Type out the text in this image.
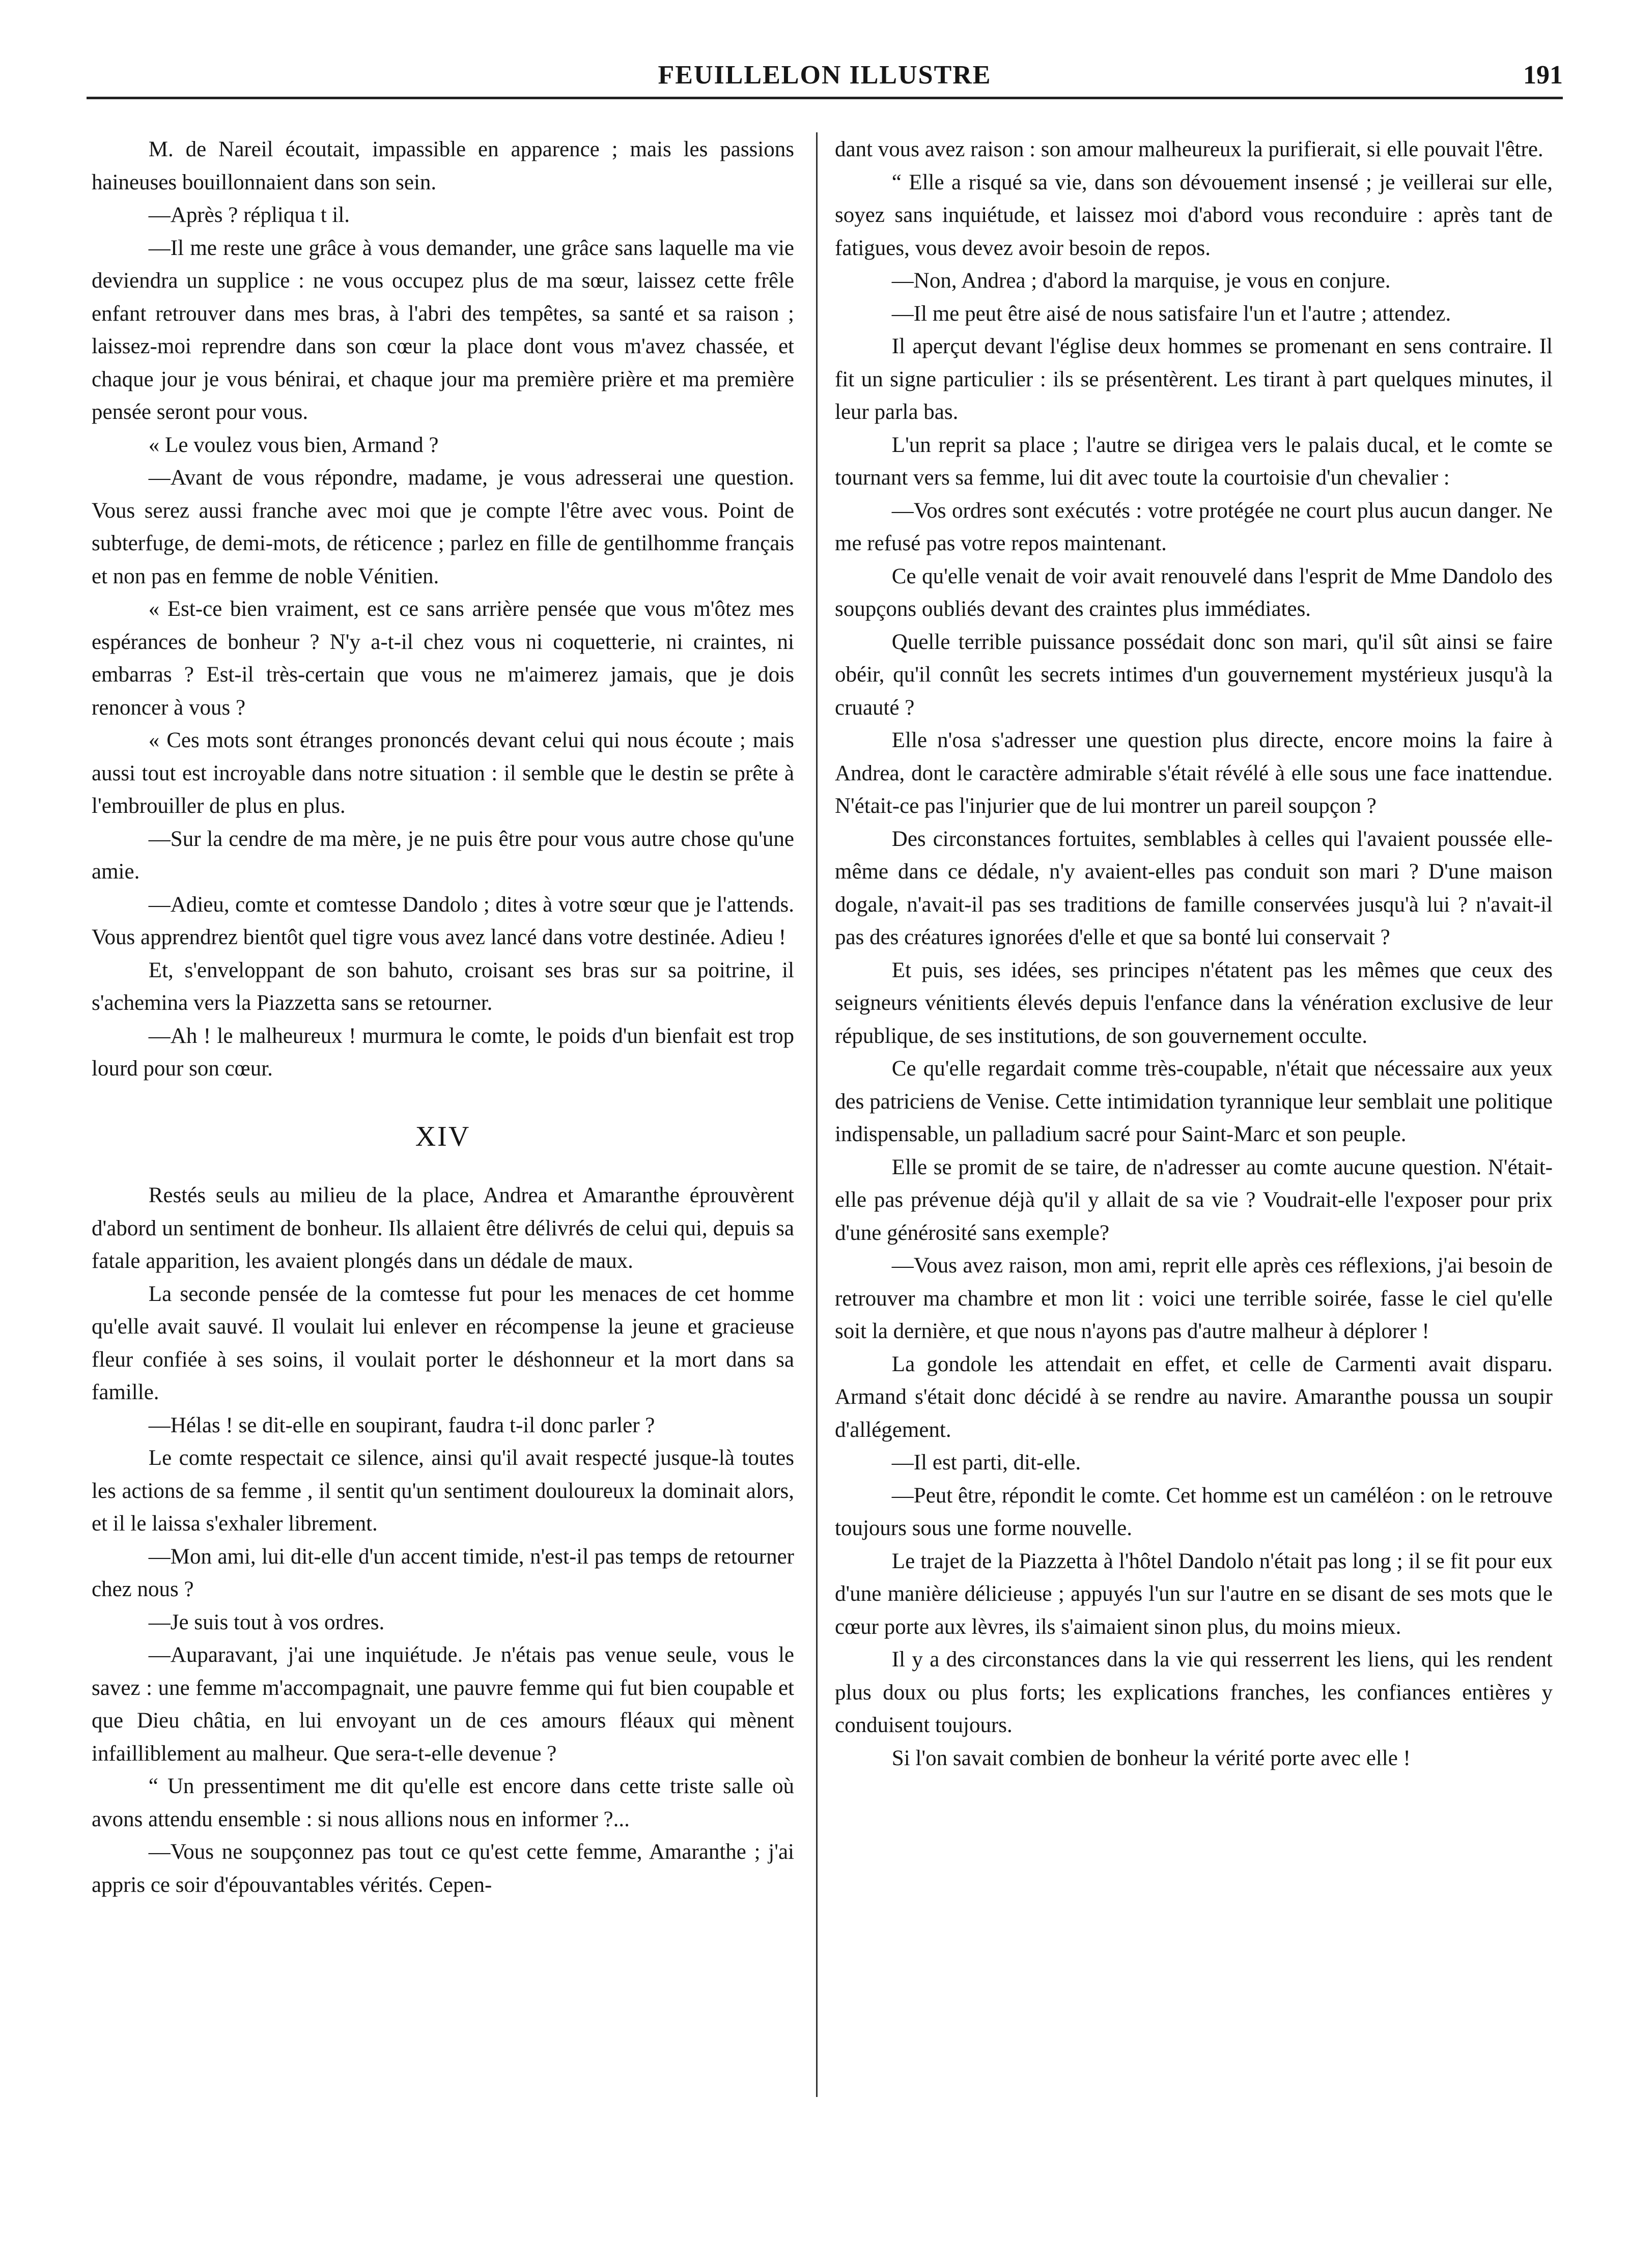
FEUILLELON ILLUSTRE	191

M. de Nareil écoutait, impassible en apparence ; mais les passions haineuses bouillonnaient dans son sein.

—Après ? répliqua t il.

—Il me reste une grâce à vous demander, une grâce sans laquelle ma vie deviendra un supplice : ne vous occupez plus de ma sœur, laissez cette frêle enfant retrouver dans mes bras, à l'abri des tempêtes, sa santé et sa raison ; laissez-moi reprendre dans son cœur la place dont vous m'avez chassée, et chaque jour je vous bénirai, et chaque jour ma première prière et ma première pensée seront pour vous.

« Le voulez vous bien, Armand ?

—Avant de vous répondre, madame, je vous adresserai une question. Vous serez aussi franche avec moi que je compte l'être avec vous. Point de subterfuge, de demi-mots, de réticence ; parlez en fille de gentilhomme français et non pas en femme de noble Vénitien.

« Est-ce bien vraiment, est ce sans arrière pensée que vous m'ôtez mes espérances de bonheur ? N'y a-t-il chez vous ni coquetterie, ni craintes, ni embarras ? Est-il très-certain que vous ne m'aimerez jamais, que je dois renoncer à vous ?

« Ces mots sont étranges prononcés devant celui qui nous écoute ; mais aussi tout est incroyable dans notre situation : il semble que le destin se prête à l'embrouiller de plus en plus.

—Sur la cendre de ma mère, je ne puis être pour vous autre chose qu'une amie.

—Adieu, comte et comtesse Dandolo ; dites à votre sœur que je l'attends. Vous apprendrez bientôt quel tigre vous avez lancé dans votre destinée. Adieu !

Et, s'enveloppant de son bahuto, croisant ses bras sur sa poitrine, il s'achemina vers la Piazzetta sans se retourner.

—Ah ! le malheureux ! murmura le comte, le poids d'un bienfait est trop lourd pour son cœur.

XIV

Restés seuls au milieu de la place, Andrea et Amaranthe éprouvèrent d'abord un sentiment de bonheur. Ils allaient être délivrés de celui qui, depuis sa fatale apparition, les avaient plongés dans un dédale de maux.

La seconde pensée de la comtesse fut pour les menaces de cet homme qu'elle avait sauvé. Il voulait lui enlever en récompense la jeune et gracieuse fleur confiée à ses soins, il voulait porter le déshonneur et la mort dans sa famille.

—Hélas ! se dit-elle en soupirant, faudra t-il donc parler ?

Le comte respectait ce silence, ainsi qu'il avait respecté jusque-là toutes les actions de sa femme , il sentit qu'un sentiment douloureux la dominait alors, et il le laissa s'exhaler librement.

—Mon ami, lui dit-elle d'un accent timide, n'est-il pas temps de retourner chez nous ?

—Je suis tout à vos ordres.

—Auparavant, j'ai une inquiétude. Je n'étais pas venue seule, vous le savez : une femme m'accompagnait, une pauvre femme qui fut bien coupable et que Dieu châtia, en lui envoyant un de ces amours fléaux qui mènent infailliblement au malheur. Que sera-t-elle devenue ?

“ Un pressentiment me dit qu'elle est encore dans cette triste salle où avons attendu ensemble : si nous allions nous en informer ?...

—Vous ne soupçonnez pas tout ce qu'est cette femme, Amaranthe ; j'ai appris ce soir d'épouvantables vérités. Cepen-

dant vous avez raison : son amour malheureux la purifierait, si elle pouvait l'être.

“ Elle a risqué sa vie, dans son dévouement insensé ; je veillerai sur elle, soyez sans inquiétude, et laissez moi d'abord vous reconduire : après tant de fatigues, vous devez avoir besoin de repos.

—Non, Andrea ; d'abord la marquise, je vous en conjure.

—Il me peut être aisé de nous satisfaire l'un et l'autre ; attendez.

Il aperçut devant l'église deux hommes se promenant en sens contraire. Il fit un signe particulier : ils se présentèrent. Les tirant à part quelques minutes, il leur parla bas.

L'un reprit sa place ; l'autre se dirigea vers le palais ducal, et le comte se tournant vers sa femme, lui dit avec toute la courtoisie d'un chevalier :

—Vos ordres sont exécutés : votre protégée ne court plus aucun danger. Ne me refusé pas votre repos maintenant.

Ce qu'elle venait de voir avait renouvelé dans l'esprit de Mme Dandolo des soupçons oubliés devant des craintes plus immédiates.

Quelle terrible puissance possédait donc son mari, qu'il sût ainsi se faire obéir, qu'il connût les secrets intimes d'un gouvernement mystérieux jusqu'à la cruauté ?

Elle n'osa s'adresser une question plus directe, encore moins la faire à Andrea, dont le caractère admirable s'était révélé à elle sous une face inattendue. N'était-ce pas l'injurier que de lui montrer un pareil soupçon ?

Des circonstances fortuites, semblables à celles qui l'avaient poussée elle-même dans ce dédale, n'y avaient-elles pas conduit son mari ? D'une maison dogale, n'avait-il pas ses traditions de famille conservées jusqu'à lui ? n'avait-il pas des créatures ignorées d'elle et que sa bonté lui conservait ?

Et puis, ses idées, ses principes n'étatent pas les mêmes que ceux des seigneurs vénitients élevés depuis l'enfance dans la vénération exclusive de leur république, de ses institutions, de son gouvernement occulte.

Ce qu'elle regardait comme très-coupable, n'était que nécessaire aux yeux des patriciens de Venise. Cette intimidation tyrannique leur semblait une politique indispensable, un palladium sacré pour Saint-Marc et son peuple.

Elle se promit de se taire, de n'adresser au comte aucune question. N'était-elle pas prévenue déjà qu'il y allait de sa vie ? Voudrait-elle l'exposer pour prix d'une générosité sans exemple?

—Vous avez raison, mon ami, reprit elle après ces réflexions, j'ai besoin de retrouver ma chambre et mon lit : voici une terrible soirée, fasse le ciel qu'elle soit la dernière, et que nous n'ayons pas d'autre malheur à déplorer !

La gondole les attendait en effet, et celle de Carmenti avait disparu. Armand s'était donc décidé à se rendre au navire. Amaranthe poussa un soupir d'allégement.

—Il est parti, dit-elle.

—Peut être, répondit le comte. Cet homme est un caméléon : on le retrouve toujours sous une forme nouvelle.

Le trajet de la Piazzetta à l'hôtel Dandolo n'était pas long ; il se fit pour eux d'une manière délicieuse ; appuyés l'un sur l'autre en se disant de ses mots que le cœur porte aux lèvres, ils s'aimaient sinon plus, du moins mieux.

Il y a des circonstances dans la vie qui resserrent les liens, qui les rendent plus doux ou plus forts; les explications franches, les confiances entières y conduisent toujours.

Si l'on savait combien de bonheur la vérité porte avec elle !
